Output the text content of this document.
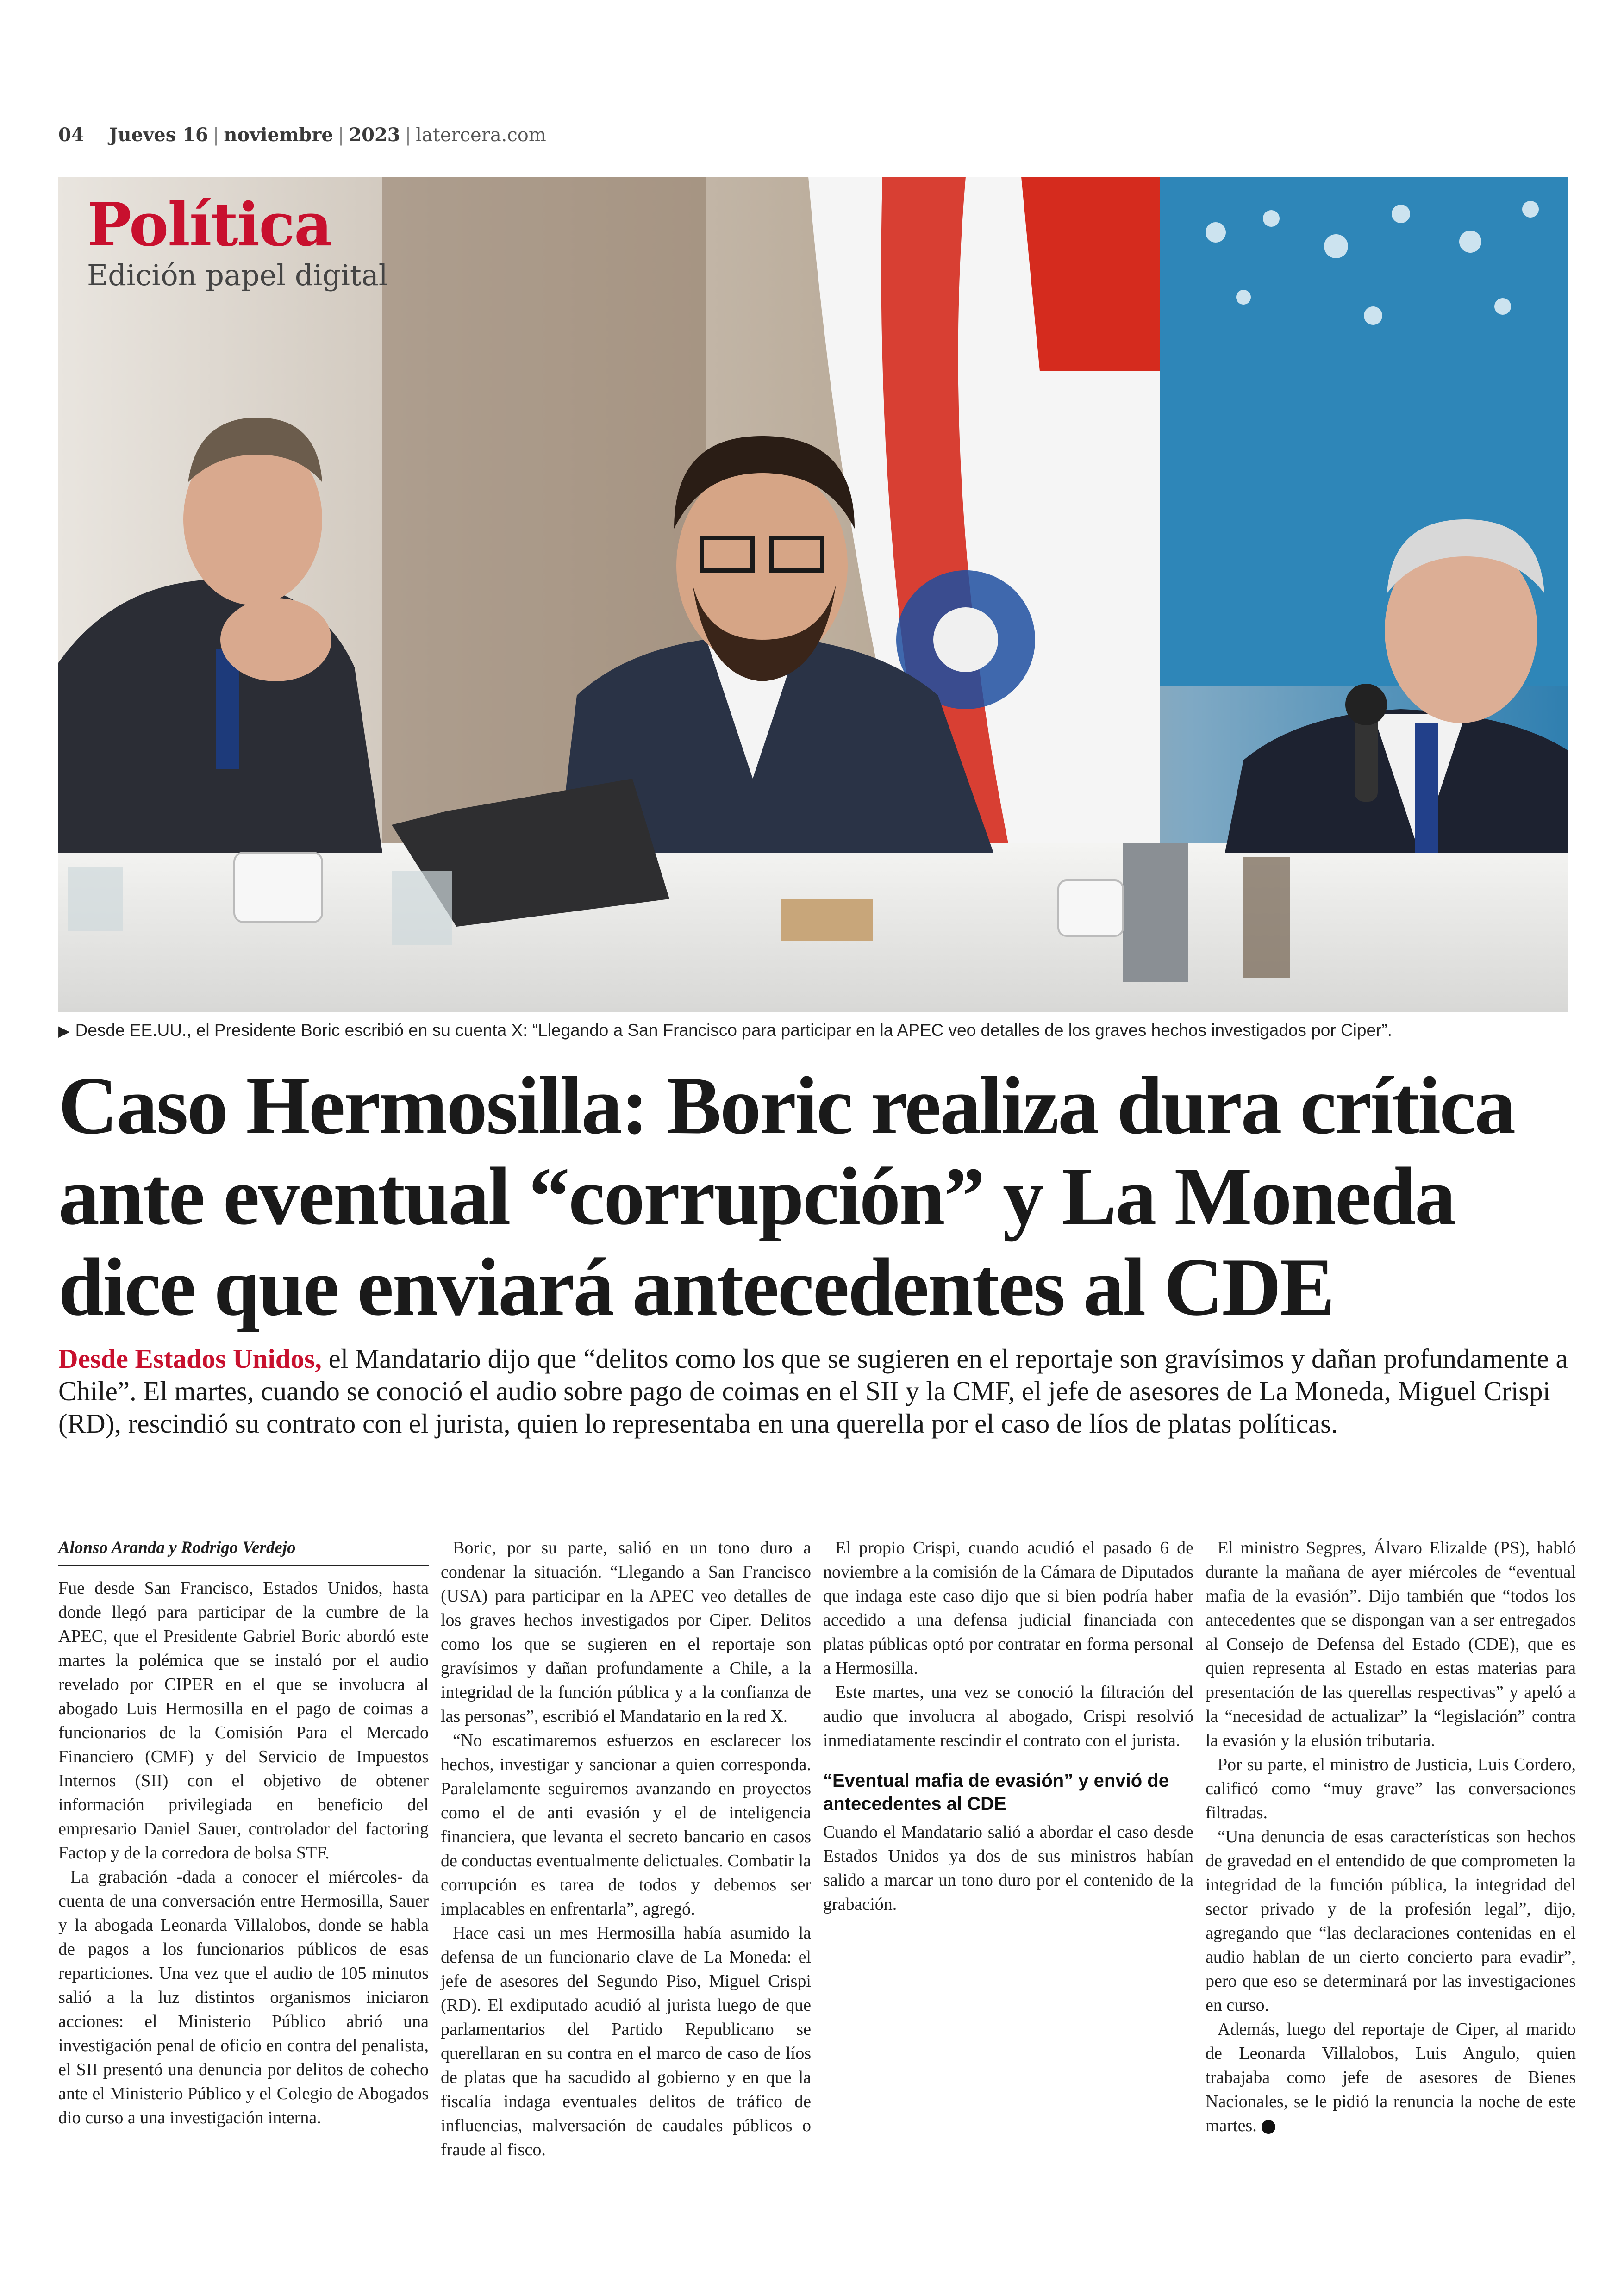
04 Jueves 16 | noviembre | 2023 | latercera.com
Política
Edición papel digital
▶ Desde EE.UU., el Presidente Boric escribió en su cuenta X: “Llegando a San Francisco para participar en la APEC veo detalles de los graves hechos investigados por Ciper”.
Caso Hermosilla: Boric realiza dura crítica ante eventual “corrupción” y La Moneda dice que enviará antecedentes al CDE

Desde Estados Unidos, el Mandatario dijo que “delitos como los que se sugieren en el reportaje son gravísimos y dañan profundamente a Chile”. El martes, cuando se conoció el audio sobre pago de coimas en el SII y la CMF, el jefe de asesores de La Moneda, Miguel Crispi (RD), rescindió su contrato con el jurista, quien lo representaba en una querella por el caso de líos de platas políticas.

Alonso Aranda y Rodrigo Verdejo

Fue desde San Francisco, Estados Unidos, hasta donde llegó para participar de la cumbre de la APEC, que el Presidente Gabriel Boric abordó este martes la polémica que se instaló por el audio revelado por CIPER en el que se involucra al abogado Luis Hermosilla en el pago de coimas a funcionarios de la Comisión Para el Mercado Financiero (CMF) y del Servicio de Impuestos Internos (SII) con el objetivo de obtener información privilegiada en beneficio del empresario Daniel Sauer, controlador del factoring Factop y de la corredora de bolsa STF.

La grabación -dada a conocer el miércoles- da cuenta de una conversación entre Hermosilla, Sauer y la abogada Leonarda Villalobos, donde se habla de pagos a los funcionarios públicos de esas reparticiones. Una vez que el audio de 105 minutos salió a la luz distintos organismos iniciaron acciones: el Ministerio Público abrió una investigación penal de oficio en contra del penalista, el SII presentó una denuncia por delitos de cohecho ante el Ministerio Público y el Colegio de Abogados dio curso a una investigación interna.

Boric, por su parte, salió en un tono duro a condenar la situación. “Llegando a San Francisco (USA) para participar en la APEC veo detalles de los graves hechos investigados por Ciper. Delitos como los que se sugieren en el reportaje son gravísimos y dañan profundamente a Chile, a la integridad de la función pública y a la confianza de las personas”, escribió el Mandatario en la red X.

“No escatimaremos esfuerzos en esclarecer los hechos, investigar y sancionar a quien corresponda. Paralelamente seguiremos avanzando en proyectos como el de anti evasión y el de inteligencia financiera, que levanta el secreto bancario en casos de conductas eventualmente delictuales. Combatir la corrupción es tarea de todos y debemos ser implacables en enfrentarla”, agregó.

Hace casi un mes Hermosilla había asumido la defensa de un funcionario clave de La Moneda: el jefe de asesores del Segundo Piso, Miguel Crispi (RD). El exdiputado acudió al jurista luego de que parlamentarios del Partido Republicano se querellaran en su contra en el marco de caso de líos de platas que ha sacudido al gobierno y en que la fiscalía indaga eventuales delitos de tráfico de influencias, malversación de caudales públicos o fraude al fisco.

El propio Crispi, cuando acudió el pasado 6 de noviembre a la comisión de la Cámara de Diputados que indaga este caso dijo que si bien podría haber accedido a una defensa judicial financiada con platas públicas optó por contratar en forma personal a Hermosilla.

Este martes, una vez se conoció la filtración del audio que involucra al abogado, Crispi resolvió inmediatamente rescindir el contrato con el jurista.

“Eventual mafia de evasión” y envió de antecedentes al CDE

Cuando el Mandatario salió a abordar el caso desde Estados Unidos ya dos de sus ministros habían salido a marcar un tono duro por el contenido de la grabación.

El ministro Segpres, Álvaro Elizalde (PS), habló durante la mañana de ayer miércoles de “eventual mafia de la evasión”. Dijo también que “todos los antecedentes que se dispongan van a ser entregados al Consejo de Defensa del Estado (CDE), que es quien representa al Estado en estas materias para presentación de las querellas respectivas” y apeló a la “necesidad de actualizar” la “legislación” contra la evasión y la elusión tributaria.

Por su parte, el ministro de Justicia, Luis Cordero, calificó como “muy grave” las conversaciones filtradas.

“Una denuncia de esas características son hechos de gravedad en el entendido de que comprometen la integridad de la función pública, la integridad del sector privado y de la profesión legal”, dijo, agregando que “las declaraciones contenidas en el audio hablan de un cierto concierto para evadir”, pero que eso se determinará por las investigaciones en curso.

Además, luego del reportaje de Ciper, al marido de Leonarda Villalobos, Luis Angulo, quien trabajaba como jefe de asesores de Bienes Nacionales, se le pidió la renuncia la noche de este martes.
